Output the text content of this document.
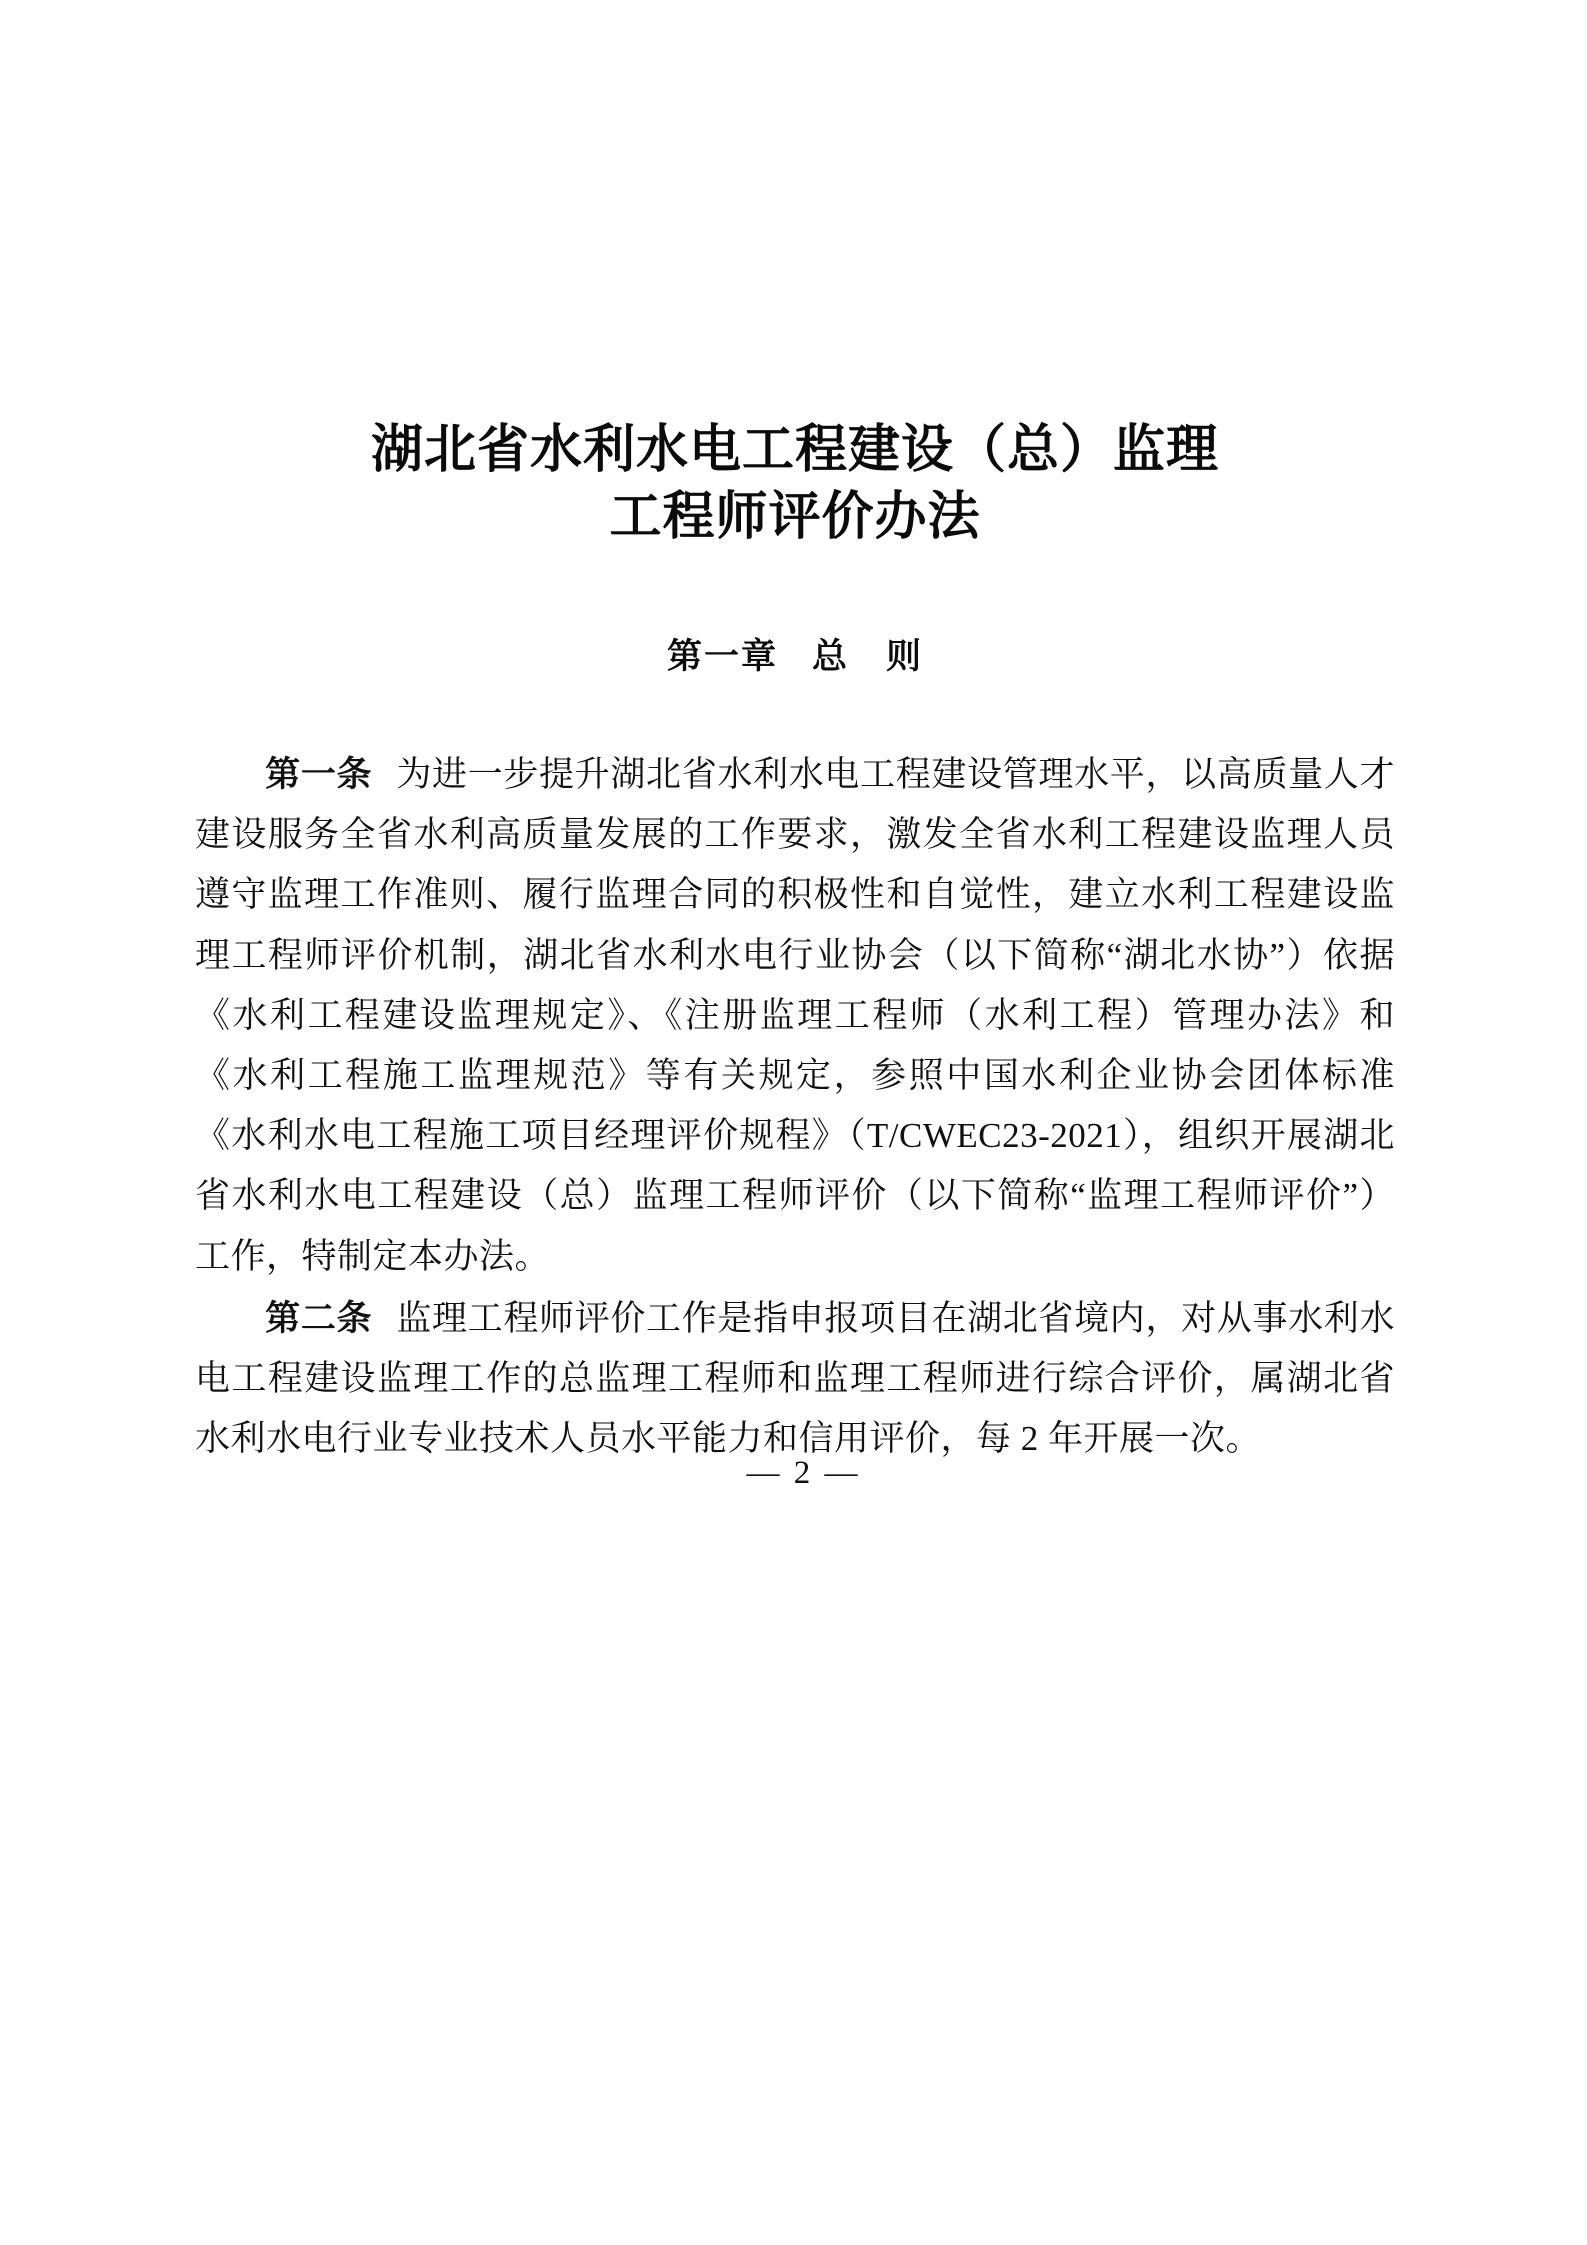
湖北省水利水电工程建设（总）监理
工程师评价办法
第一章 总　则

第一条 为进一步提升湖北省水利水电工程建设管理水平，以高质量人才建设服务全省水利高质量发展的工作要求，激发全省水利工程建设监理人员遵守监理工作准则、履行监理合同的积极性和自觉性，建立水利工程建设监理工程师评价机制，湖北省水利水电行业协会（以下简称“湖北水协”）依据《水利工程建设监理规定》、《注册监理工程师（水利工程）管理办法》和《水利工程施工监理规范》等有关规定，参照中国水利企业协会团体标准《水利水电工程施工项目经理评价规程》（T/CWEC23-2021），组织开展湖北省水利水电工程建设（总）监理工程师评价（以下简称“监理工程师评价”）工作，特制定本办法。

第二条 监理工程师评价工作是指申报项目在湖北省境内，对从事水利水电工程建设监理工作的总监理工程师和监理工程师进行综合评价，属湖北省水利水电行业专业技术人员水平能力和信用评价，每 2 年开展一次。

— 2 —
